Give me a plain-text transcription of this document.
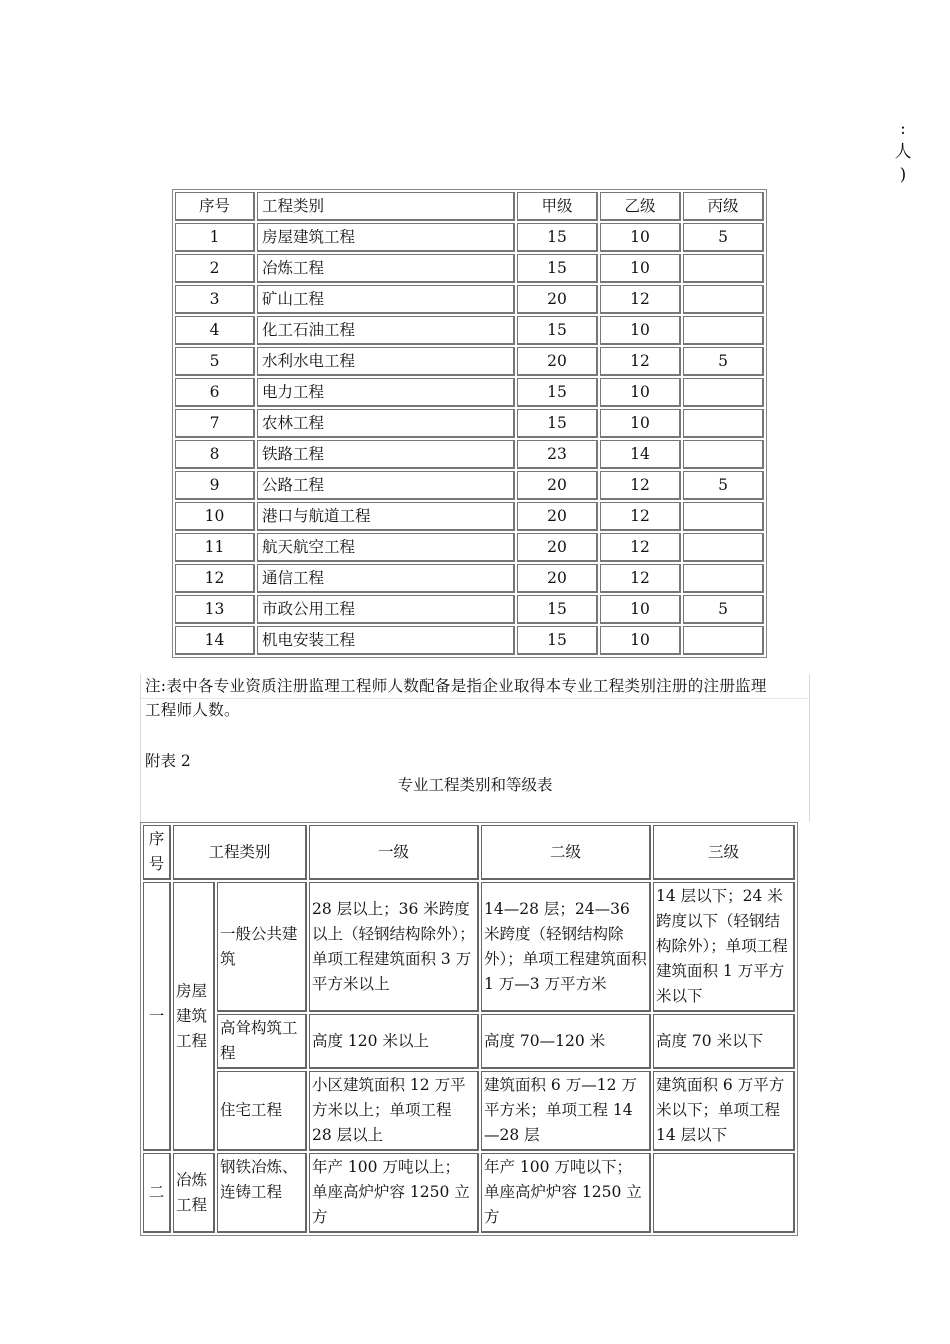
:
人
)
序号	工程类别	甲级	乙级	丙级
1	房屋建筑工程	15	10	5
2	冶炼工程	15	10	
3	矿山工程	20	12	
4	化工石油工程	15	10	
5	水利水电工程	20	12	5
6	电力工程	15	10	
7	农林工程	15	10	
8	铁路工程	23	14	
9	公路工程	20	12	5
10	港口与航道工程	20	12	
11	航天航空工程	20	12	
12	通信工程	20	12	
13	市政公用工程	15	10	5
14	机电安装工程	15	10	
注:表中各专业资质注册监理工程师人数配备是指企业取得本专业工程类别注册的注册监理
工程师人数。
附表 2
专业工程类别和等级表
序号	工程类别		一级	二级	三级
一	房屋建筑工程	一般公共建筑	28 层以上；36 米跨度以上（轻钢结构除外）；单项工程建筑面积 3 万平方米以上	14—28 层；24—36 米跨度（轻钢结构除外）；单项工程建筑面积 1 万—3 万平方米	14 层以下；24 米跨度以下（轻钢结构除外）；单项工程建筑面积 1 万平方米以下
		高耸构筑工程	高度 120 米以上	高度 70—120 米	高度 70 米以下
		住宅工程	小区建筑面积 12 万平方米以上；单项工程 28 层以上	建筑面积 6 万—12 万平方米；单项工程 14—28 层	建筑面积 6 万平方米以下；单项工程 14 层以下
二	冶炼工程	钢铁冶炼、连铸工程	年产 100 万吨以上；单座高炉炉容 1250 立方	年产 100 万吨以下；单座高炉炉容 1250 立方	
